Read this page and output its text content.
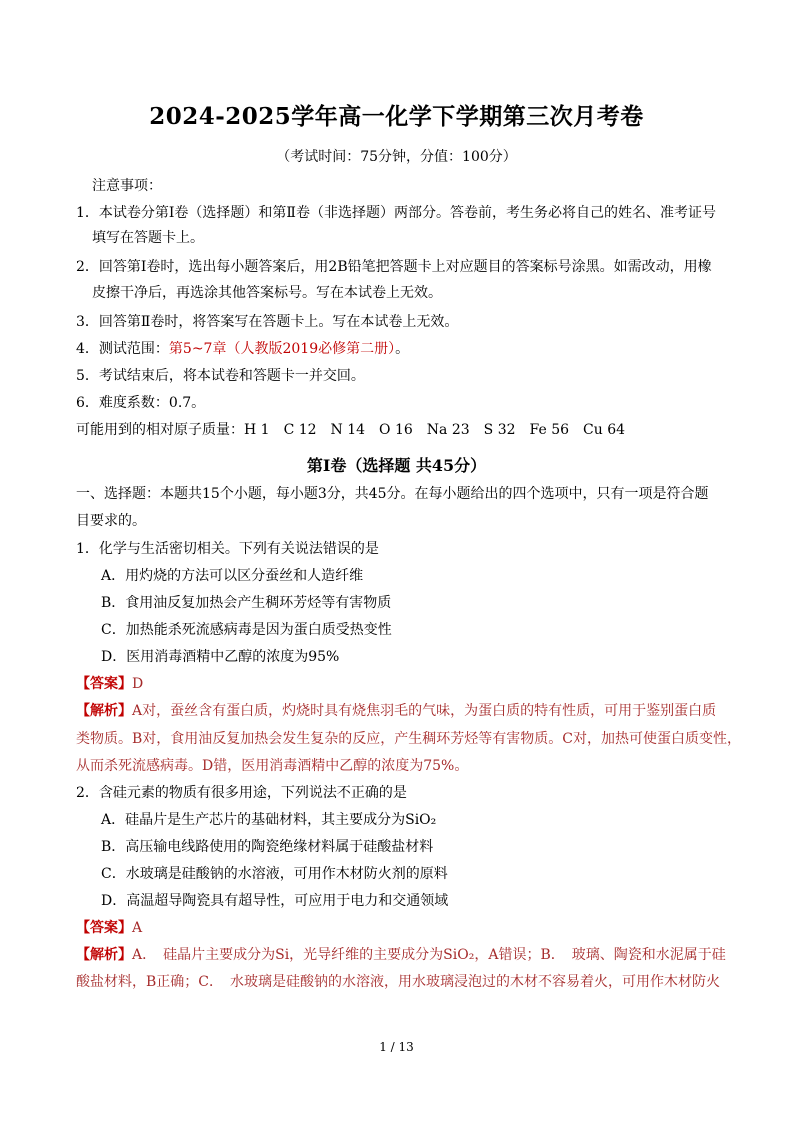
2024-2025学年高一化学下学期第三次月考卷
（考试时间：75分钟，分值：100分）
注意事项：
1．本试卷分第Ⅰ卷（选择题）和第Ⅱ卷（非选择题）两部分。答卷前，考生务必将自己的姓名、准考证号
填写在答题卡上。
2．回答第Ⅰ卷时，选出每小题答案后，用2B铅笔把答题卡上对应题目的答案标号涂黑。如需改动，用橡
皮擦干净后，再选涂其他答案标号。写在本试卷上无效。
3．回答第Ⅱ卷时，将答案写在答题卡上。写在本试卷上无效。
4．测试范围：第5~7章（人教版2019必修第二册）。
5．考试结束后，将本试卷和答题卡一并交回。
6．难度系数：0.7。
可能用到的相对原子质量：H 1　C 12　N 14　O 16　Na 23　S 32　Fe 56　Cu 64
第Ⅰ卷（选择题 共45分）
一、选择题：本题共15个小题，每小题3分，共45分。在每小题给出的四个选项中，只有一项是符合题
目要求的。
1．化学与生活密切相关。下列有关说法错误的是
A．用灼烧的方法可以区分蚕丝和人造纤维
B．食用油反复加热会产生稠环芳烃等有害物质
C．加热能杀死流感病毒是因为蛋白质受热变性
D．医用消毒酒精中乙醇的浓度为95%
【答案】D
【解析】A对，蚕丝含有蛋白质，灼烧时具有烧焦羽毛的气味，为蛋白质的特有性质，可用于鉴别蛋白质
类物质。B对，食用油反复加热会发生复杂的反应，产生稠环芳烃等有害物质。C对，加热可使蛋白质变性，
从而杀死流感病毒。D错，医用消毒酒精中乙醇的浓度为75%。
2．含硅元素的物质有很多用途，下列说法不正确的是
A．硅晶片是生产芯片的基础材料，其主要成分为SiO₂
B．高压输电线路使用的陶瓷绝缘材料属于硅酸盐材料
C．水玻璃是硅酸钠的水溶液，可用作木材防火剂的原料
D．高温超导陶瓷具有超导性，可应用于电力和交通领域
【答案】A
【解析】A．　硅晶片主要成分为Si，光导纤维的主要成分为SiO₂，A错误；B．　玻璃、陶瓷和水泥属于硅
酸盐材料，B正确；C．　水玻璃是硅酸钠的水溶液，用水玻璃浸泡过的木材不容易着火，可用作木材防火
1 / 13
